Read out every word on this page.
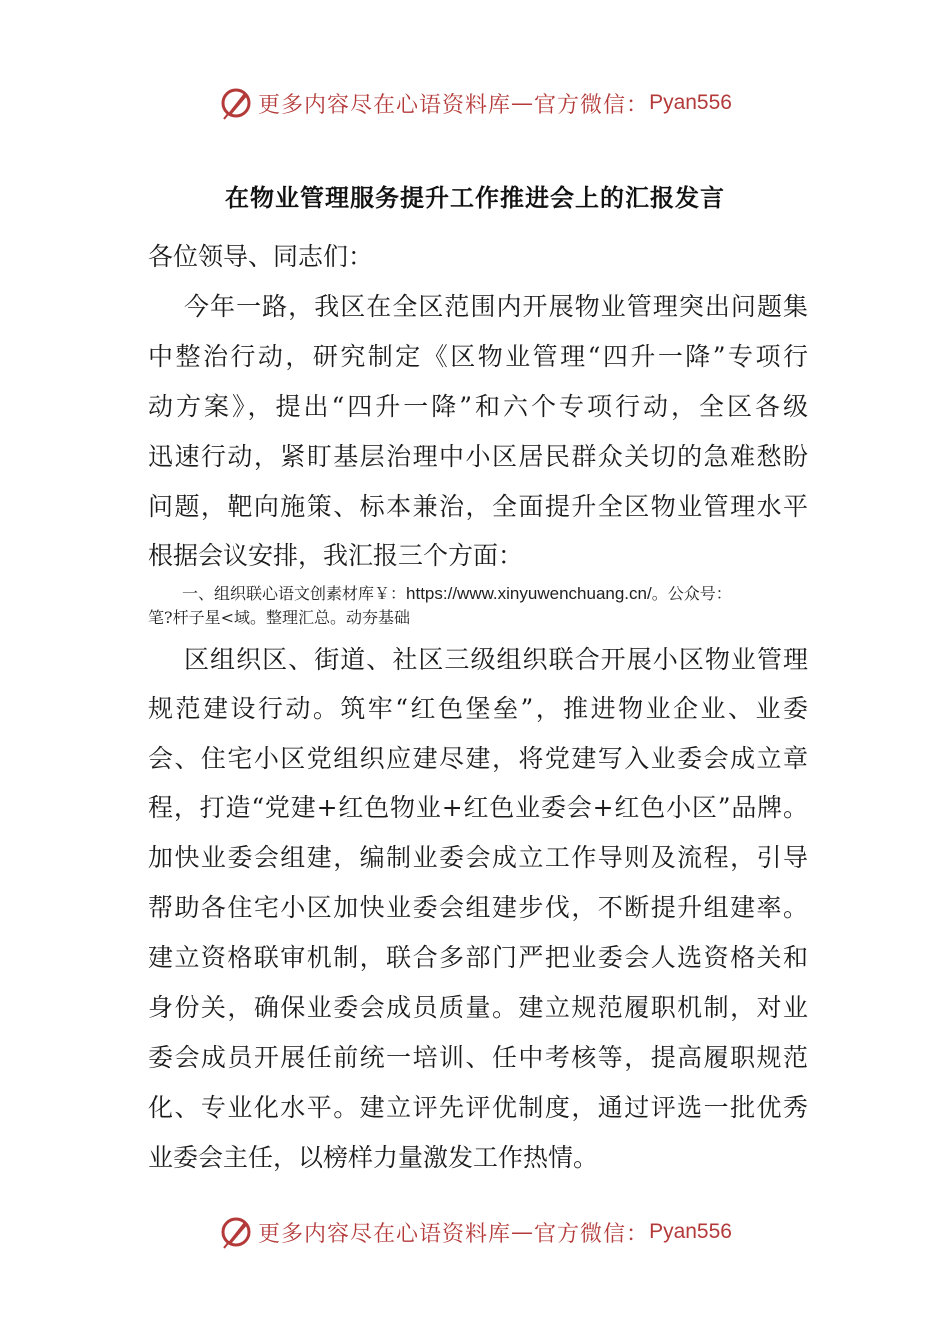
更多内容尽在心语资料库 — 官方微信： Pyan556
在物业管理服务提升工作推进会上的汇报发言
各位领导、同志们：
今年一路，我区在全区范围内开展物业管理突出问题集
中整治行动，研究制定《区物业管理“四升一降”专项行
动方案》，提出“四升一降”和六个专项行动，全区各级
迅速行动，紧盯基层治理中小区居民群众关切的急难愁盼
问题，靶向施策、标本兼治，全面提升全区物业管理水平
根据会议安排，我汇报三个方面：
一、组织联心语文创素材库￥：https://www.xinyuwenchuang.cn/。公众号：
笔?杆子星<域。整理汇总。动夯基础
区组织区、街道、社区三级组织联合开展小区物业管理
规范建设行动。筑牢“红色堡垒”，推进物业企业、业委
会、住宅小区党组织应建尽建，将党建写入业委会成立章
程，打造“党建+红色物业+红色业委会+红色小区”品牌。
加快业委会组建，编制业委会成立工作导则及流程，引导
帮助各住宅小区加快业委会组建步伐，不断提升组建率。
建立资格联审机制，联合多部门严把业委会人选资格关和
身份关，确保业委会成员质量。建立规范履职机制，对业
委会成员开展任前统一培训、任中考核等，提高履职规范
化、专业化水平。建立评先评优制度，通过评选一批优秀
业委会主任，以榜样力量激发工作热情。
更多内容尽在心语资料库 — 官方微信： Pyan556
